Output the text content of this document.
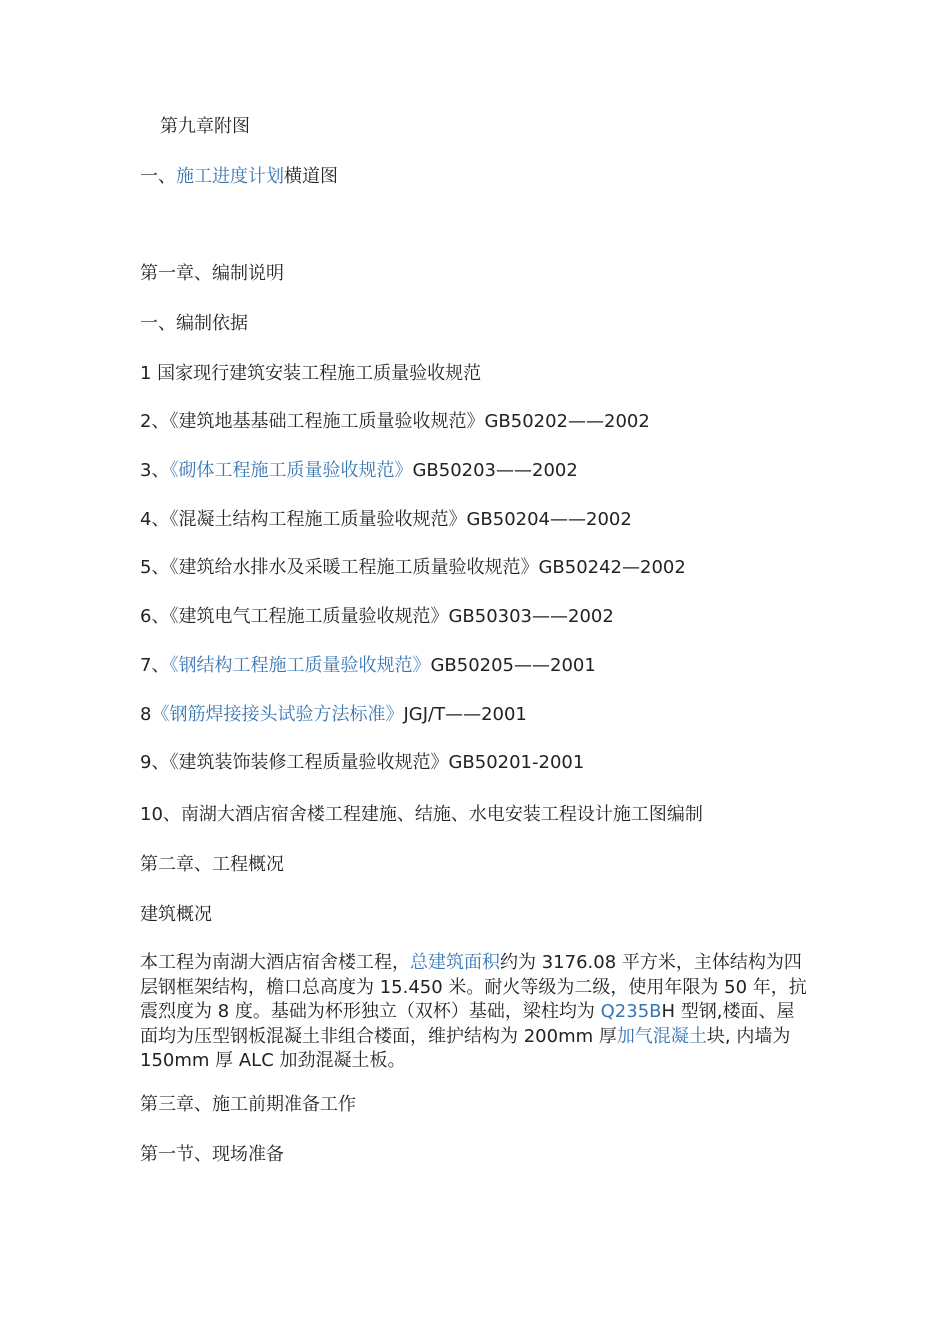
第九章附图
一、施工进度计划横道图
第一章、编制说明
一、编制依据
1 国家现行建筑安装工程施工质量验收规范
2、《建筑地基基础工程施工质量验收规范》GB50202——2002
3、《砌体工程施工质量验收规范》GB50203——2002
4、《混凝土结构工程施工质量验收规范》GB50204——2002
5、《建筑给水排水及采暖工程施工质量验收规范》GB50242—2002
6、《建筑电气工程施工质量验收规范》GB50303——2002
7、《钢结构工程施工质量验收规范》GB50205——2001
8《钢筋焊接接头试验方法标准》JGJ/T——2001
9、《建筑装饰装修工程质量验收规范》GB50201-2001
10、南湖大酒店宿舍楼工程建施、结施、水电安装工程设计施工图编制
第二章、工程概况
建筑概况
本工程为南湖大酒店宿舍楼工程，总建筑面积约为 3176.08 平方米，主体结构为四层钢框架结构，檐口总高度为 15.450 米。耐火等级为二级，使用年限为 50 年，抗震烈度为 8 度。基础为杯形独立（双杯）基础，梁柱均为 Q235BH 型钢,楼面、屋面均为压型钢板混凝土非组合楼面，维护结构为 200mm 厚加气混凝土块, 内墙为 150mm 厚 ALC 加劲混凝土板。
第三章、施工前期准备工作
第一节、现场准备
